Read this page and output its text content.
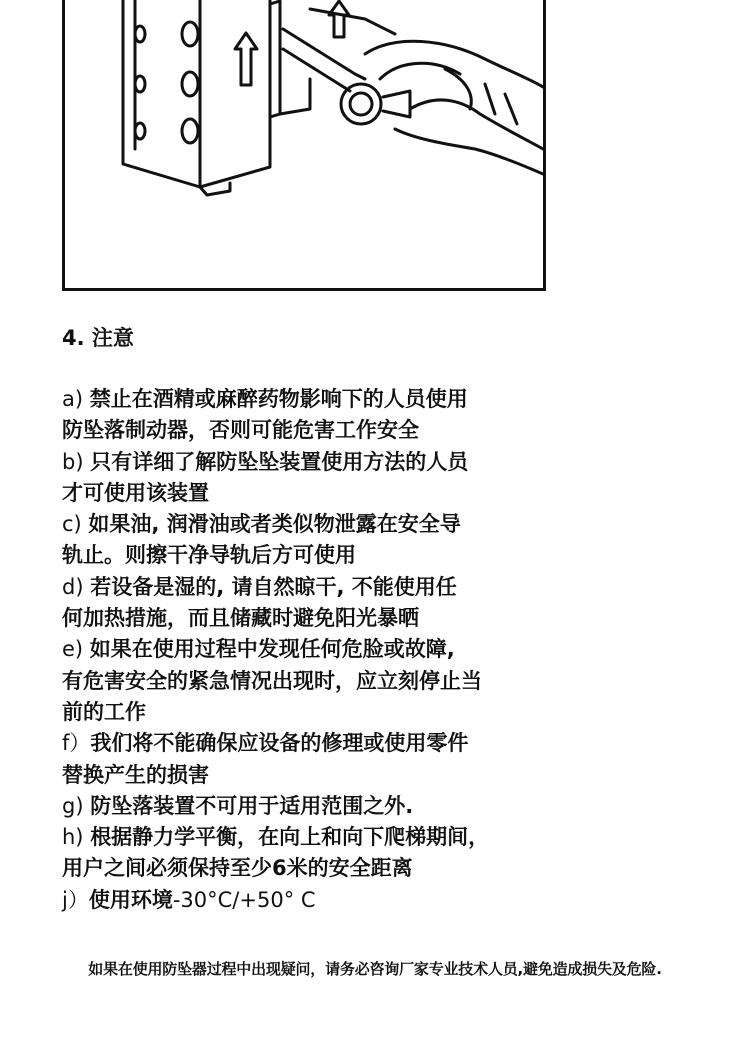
4. 注意
a) 禁止在酒精或麻醉药物影响下的人员使用
防坠落制动器，否则可能危害工作安全
b) 只有详细了解防坠坠装置使用方法的人员
才可使用该装置
c) 如果油, 润滑油或者类似物泄露在安全导
轨止。则擦干净导轨后方可使用
d) 若设备是湿的, 请自然晾干, 不能使用任
何加热措施，而且储藏时避免阳光暴晒
e) 如果在使用过程中发现任何危脸或故障,
有危害安全的紧急情况出现时，应立刻停止当
前的工作
f）我们将不能确保应设备的修理或使用零件
替换产生的损害
g) 防坠落装置不可用于适用范围之外.
h) 根据静力学平衡，在向上和向下爬梯期间，
用户之间必须保持至少6米的安全距离
j）使用环境-30°C/+50° C
如果在使用防坠器过程中出现疑问，请务必咨询厂家专业技术人员,避免造成损失及危险.
